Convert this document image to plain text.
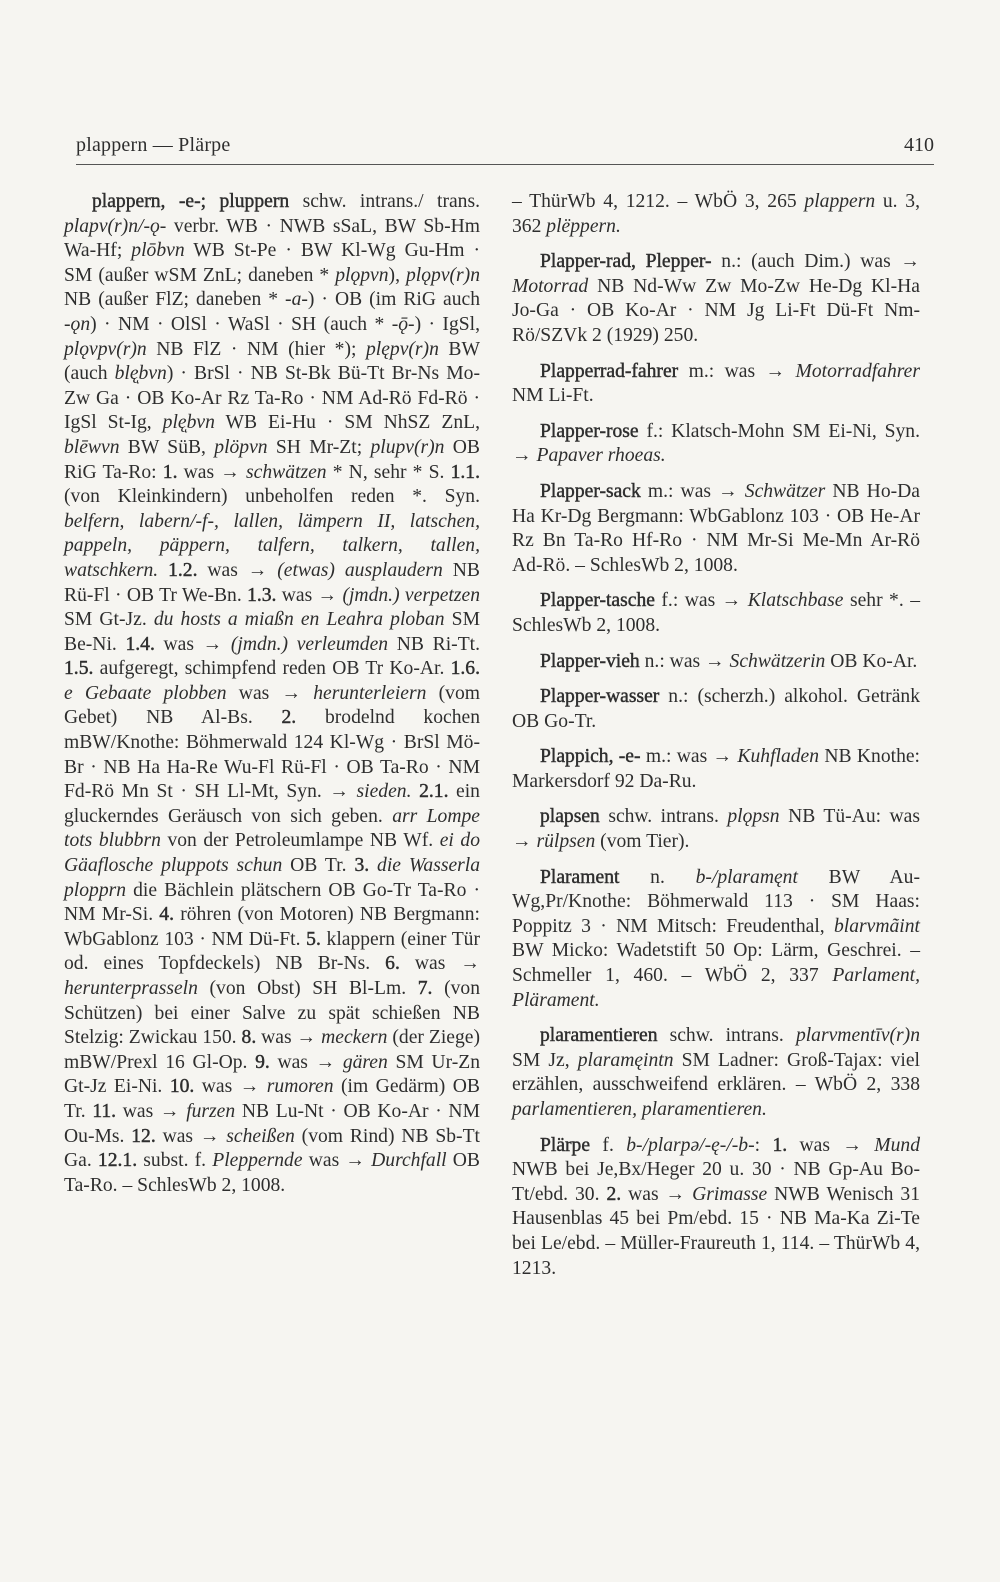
plappern — Plärpe	410

plappern, -e-; pluppern schw. intrans./ trans. plapv(r)n/-ǫ- verbr. WB · NWB sSaL, BW Sb-Hm Wa-Hf; plōbvn WB St-Pe · BW Kl-Wg Gu-Hm · SM (außer wSM ZnL; daneben * plǫpvn), plǫpv(r)n NB (außer FlZ; daneben * -a-) · OB (im RiG auch -ǫn) · NM · OlSl · WaSl · SH (auch * -ǭ-) · IgSl, plǫvpv(r)n NB FlZ · NM (hier *); plępv(r)n BW (auch blęͅbvn) · BrSl · NB St-Bk Bü-Tt Br-Ns Mo-Zw Ga · OB Ko-Ar Rz Ta-Ro · NM Ad-Rö Fd-Rö · IgSl St-Ig, plęͅbvn WB Ei-Hu · SM NhSZ ZnL, blēwvn BW SüB, plöpvn SH Mr-Zt; plupv(r)n OB RiG Ta-Ro: 1. was → schwätzen * N, sehr * S. 1.1. (von Kleinkindern) unbeholfen reden *. Syn. belfern, labern/-f-, lallen, lämpern II, latschen, pappeln, päppern, talfern, talkern, tallen, watschkern. 1.2. was → (etwas) ausplaudern NB Rü-Fl · OB Tr We-Bn. 1.3. was → (jmdn.) verpetzen SM Gt-Jz. du hosts a miaßn en Leahra ploban SM Be-Ni. 1.4. was → (jmdn.) verleumden NB Ri-Tt. 1.5. aufgeregt, schimpfend reden OB Tr Ko-Ar. 1.6. e Gebaate plobben was → herunterleiern (vom Gebet) NB Al-Bs. 2. brodelnd kochen mBW/Knothe: Böhmerwald 124 Kl-Wg · BrSl Mö-Br · NB Ha Ha-Re Wu-Fl Rü-Fl · OB Ta-Ro · NM Fd-Rö Mn St · SH Ll-Mt, Syn. → sieden. 2.1. ein gluckerndes Geräusch von sich geben. arr Lompe tots blubbrn von der Petroleumlampe NB Wf. ei do Gäaflosche pluppots schun OB Tr. 3. die Wasserla plopprn die Bächlein plätschern OB Go-Tr Ta-Ro · NM Mr-Si. 4. röhren (von Motoren) NB Bergmann: WbGablonz 103 · NM Dü-Ft. 5. klappern (einer Tür od. eines Topfdeckels) NB Br-Ns. 6. was → herunterprasseln (von Obst) SH Bl-Lm. 7. (von Schützen) bei einer Salve zu spät schießen NB Stelzig: Zwickau 150. 8. was → meckern (der Ziege) mBW/Prexl 16 Gl-Op. 9. was → gären SM Ur-Zn Gt-Jz Ei-Ni. 10. was → rumoren (im Gedärm) OB Tr. 11. was → furzen NB Lu-Nt · OB Ko-Ar · NM Ou-Ms. 12. was → scheißen (vom Rind) NB Sb-Tt Ga. 12.1. subst. f. Pleppernde was → Durchfall OB Ta-Ro. – SchlesWb 2, 1008.

– ThürWb 4, 1212. – WbÖ 3, 265 plappern u. 3, 362 plëppern.

Plapper-rad, Plepper- n.: (auch Dim.) was → Motorrad NB Nd-Ww Zw Mo-Zw He-Dg Kl-Ha Jo-Ga · OB Ko-Ar · NM Jg Li-Ft Dü-Ft Nm-Rö/SZVk 2 (1929) 250.

Plapperrad-fahrer m.: was → Motorradfahrer NM Li-Ft.

Plapper-rose f.: Klatsch-Mohn SM Ei-Ni, Syn. → Papaver rhoeas.

Plapper-sack m.: was → Schwätzer NB Ho-Da Ha Kr-Dg Bergmann: WbGablonz 103 · OB He-Ar Rz Bn Ta-Ro Hf-Ro · NM Mr-Si Me-Mn Ar-Rö Ad-Rö. – SchlesWb 2, 1008.

Plapper-tasche f.: was → Klatschbase sehr *. – SchlesWb 2, 1008.

Plapper-vieh n.: was → Schwätzerin OB Ko-Ar.

Plapper-wasser n.: (scherzh.) alkohol. Getränk OB Go-Tr.

Plappich, -e- m.: was → Kuhfladen NB Knothe: Markersdorf 92 Da-Ru.

plapsen schw. intrans. plǫpsn NB Tü-Au: was → rülpsen (vom Tier).

Plarament n. b-/plaramęnt BW Au-Wg,Pr/Knothe: Böhmerwald 113 · SM Haas: Poppitz 3 · NM Mitsch: Freudenthal, blarvmãint BW Micko: Wadetstift 50 Op: Lärm, Geschrei. – Schmeller 1, 460. – WbÖ 2, 337 Parlament, Plärament.

plaramentieren schw. intrans. plarvmentīv(r)n SM Jz, plaramęintn SM Ladner: Groß-Tajax: viel erzählen, ausschweifend erklären. – WbÖ 2, 338 parlamentieren, plaramentieren.

Plärpe f. b-/plarpə/-ę-/-b-: 1. was → Mund NWB bei Je,Bx/Heger 20 u. 30 · NB Gp-Au Bo-Tt/ebd. 30. 2. was → Grimasse NWB Wenisch 31 Hausenblas 45 bei Pm/ebd. 15 · NB Ma-Ka Zi-Te bei Le/ebd. – Müller-Fraureuth 1, 114. – ThürWb 4, 1213.
